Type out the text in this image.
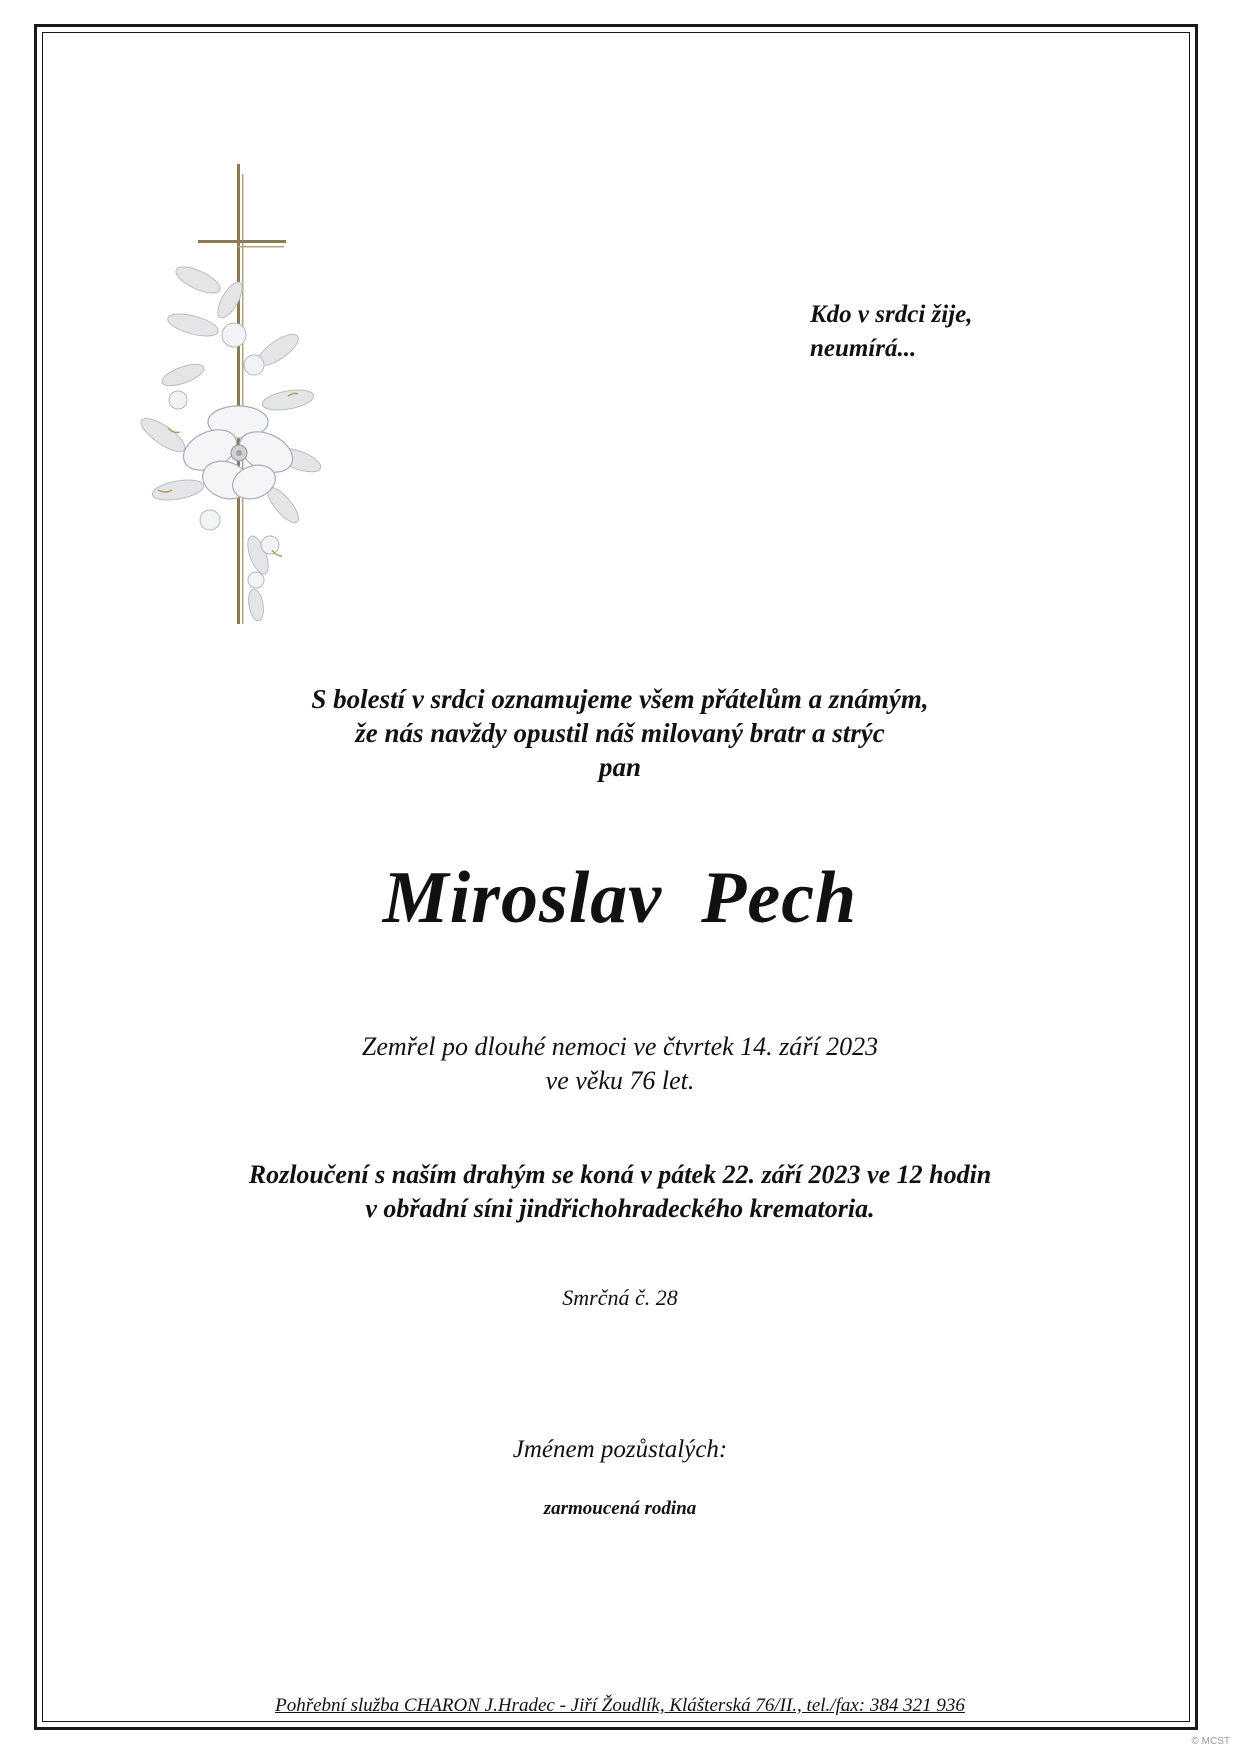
Kdo v srdci žije,
neumírá...
S bolestí v srdci oznamujeme všem přátelům a známým,
že nás navždy opustil náš milovaný bratr a strýc
pan
Miroslav  Pech
Zemřel po dlouhé nemoci ve čtvrtek 14. září 2023
ve věku 76 let.
Rozloučení s naším drahým se koná v pátek 22. září 2023 ve 12 hodin
v obřadní síni jindřichohradeckého krematoria.
Smrčná č. 28
Jménem pozůstalých:
zarmoucená rodina
Pohřební služba CHARON J.Hradec - Jiří Žoudlík, Klášterská 76/II., tel./fax: 384 321 936
© MCST
